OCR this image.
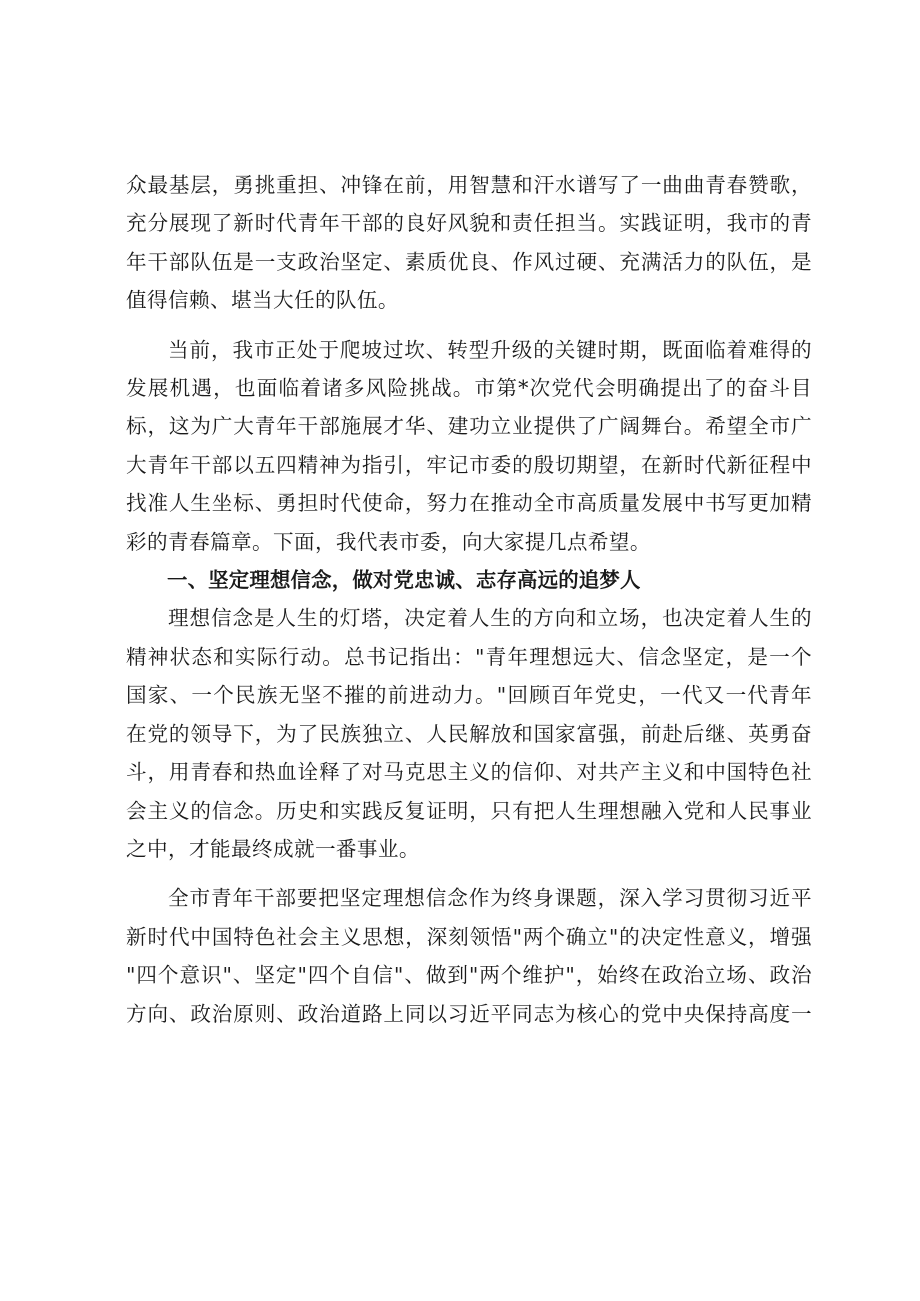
众最基层，勇挑重担、冲锋在前，用智慧和汗水谱写了一曲曲青春赞歌，
充分展现了新时代青年干部的良好风貌和责任担当。实践证明，我市的青
年干部队伍是一支政治坚定、素质优良、作风过硬、充满活力的队伍，是
值得信赖、堪当大任的队伍。
当前，我市正处于爬坡过坎、转型升级的关键时期，既面临着难得的
发展机遇，也面临着诸多风险挑战。市第*次党代会明确提出了的奋斗目
标，这为广大青年干部施展才华、建功立业提供了广阔舞台。希望全市广
大青年干部以五四精神为指引，牢记市委的殷切期望，在新时代新征程中
找准人生坐标、勇担时代使命，努力在推动全市高质量发展中书写更加精
彩的青春篇章。下面，我代表市委，向大家提几点希望。
一、坚定理想信念，做对党忠诚、志存高远的追梦人
理想信念是人生的灯塔，决定着人生的方向和立场，也决定着人生的
精神状态和实际行动。总书记指出："青年理想远大、信念坚定，是一个
国家、一个民族无坚不摧的前进动力。"回顾百年党史，一代又一代青年
在党的领导下，为了民族独立、人民解放和国家富强，前赴后继、英勇奋
斗，用青春和热血诠释了对马克思主义的信仰、对共产主义和中国特色社
会主义的信念。历史和实践反复证明，只有把人生理想融入党和人民事业
之中，才能最终成就一番事业。
全市青年干部要把坚定理想信念作为终身课题，深入学习贯彻习近平
新时代中国特色社会主义思想，深刻领悟"两个确立"的决定性意义，增强
"四个意识"、坚定"四个自信"、做到"两个维护"，始终在政治立场、政治
方向、政治原则、政治道路上同以习近平同志为核心的党中央保持高度一
